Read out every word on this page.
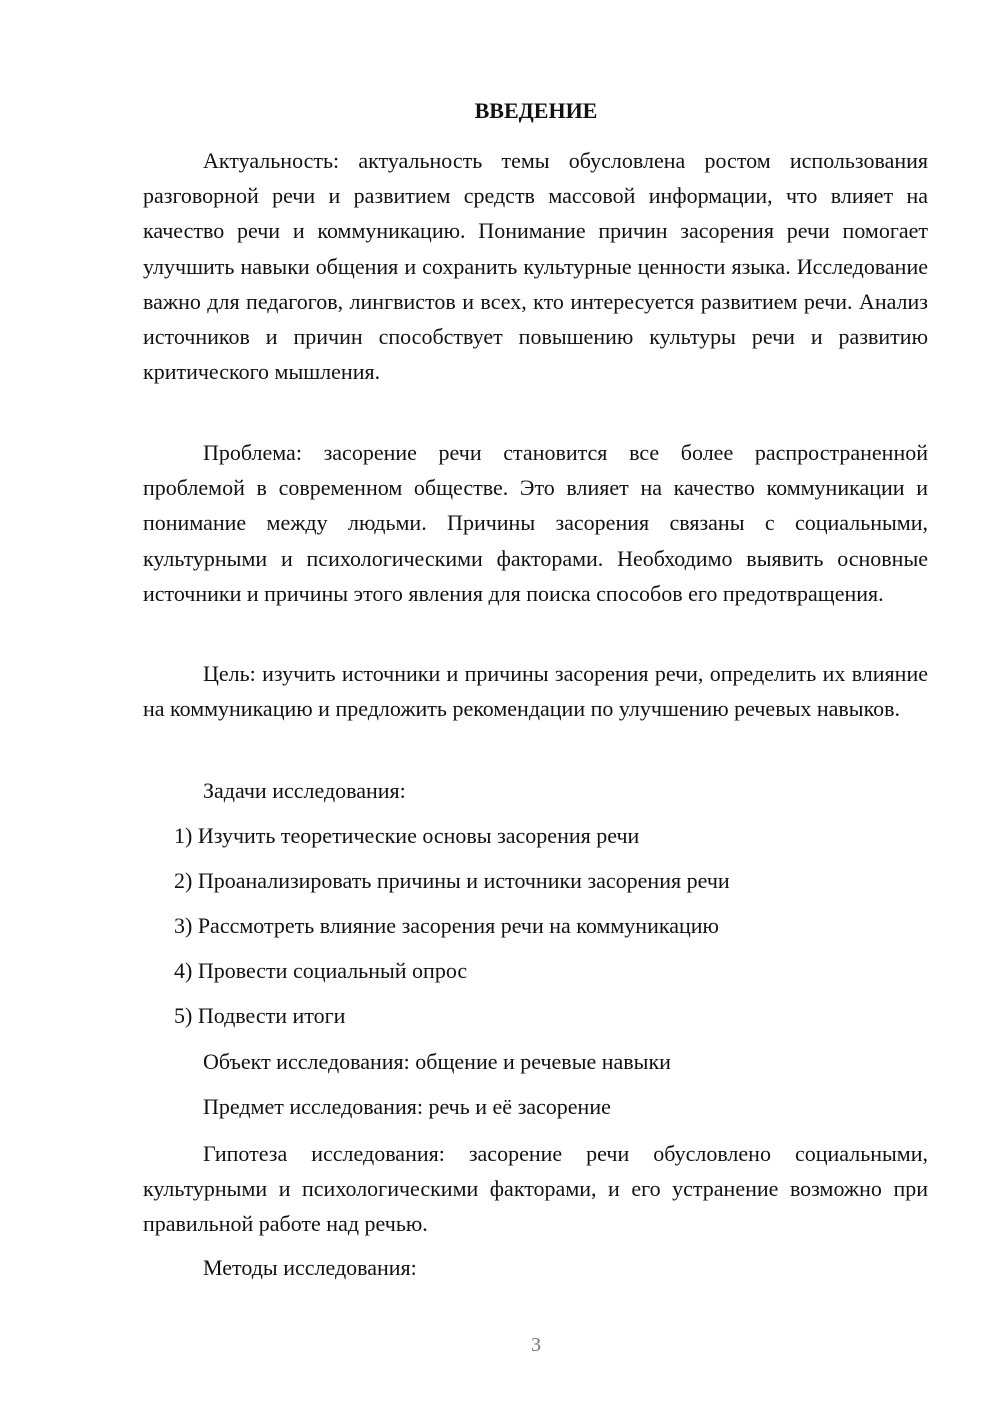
ВВЕДЕНИЕ

Актуальность: актуальность темы обусловлена ростом использования разговорной речи и развитием средств массовой информации, что влияет на качество речи и коммуникацию. Понимание причин засорения речи помогает улучшить навыки общения и сохранить культурные ценности языка. Исследование важно для педагогов, лингвистов и всех, кто интересуется развитием речи. Анализ источников и причин способствует повышению культуры речи и развитию критического мышления.

Проблема: засорение речи становится все более распространенной проблемой в современном обществе. Это влияет на качество коммуникации и понимание между людьми. Причины засорения связаны с социальными, культурными и психологическими факторами. Необходимо выявить основные источники и причины этого явления для поиска способов его предотвращения.

Цель: изучить источники и причины засорения речи, определить их влияние на коммуникацию и предложить рекомендации по улучшению речевых навыков.

Задачи исследования:
1) Изучить теоретические основы засорения речи
2) Проанализировать причины и источники засорения речи
3) Рассмотреть влияние засорения речи на коммуникацию
4) Провести социальный опрос
5) Подвести итоги
Объект исследования: общение и речевые навыки
Предмет исследования: речь и её засорение

Гипотеза исследования: засорение речи обусловлено социальными, культурными и психологическими факторами, и его устранение возможно при правильной работе над речью.

Методы исследования:
3
